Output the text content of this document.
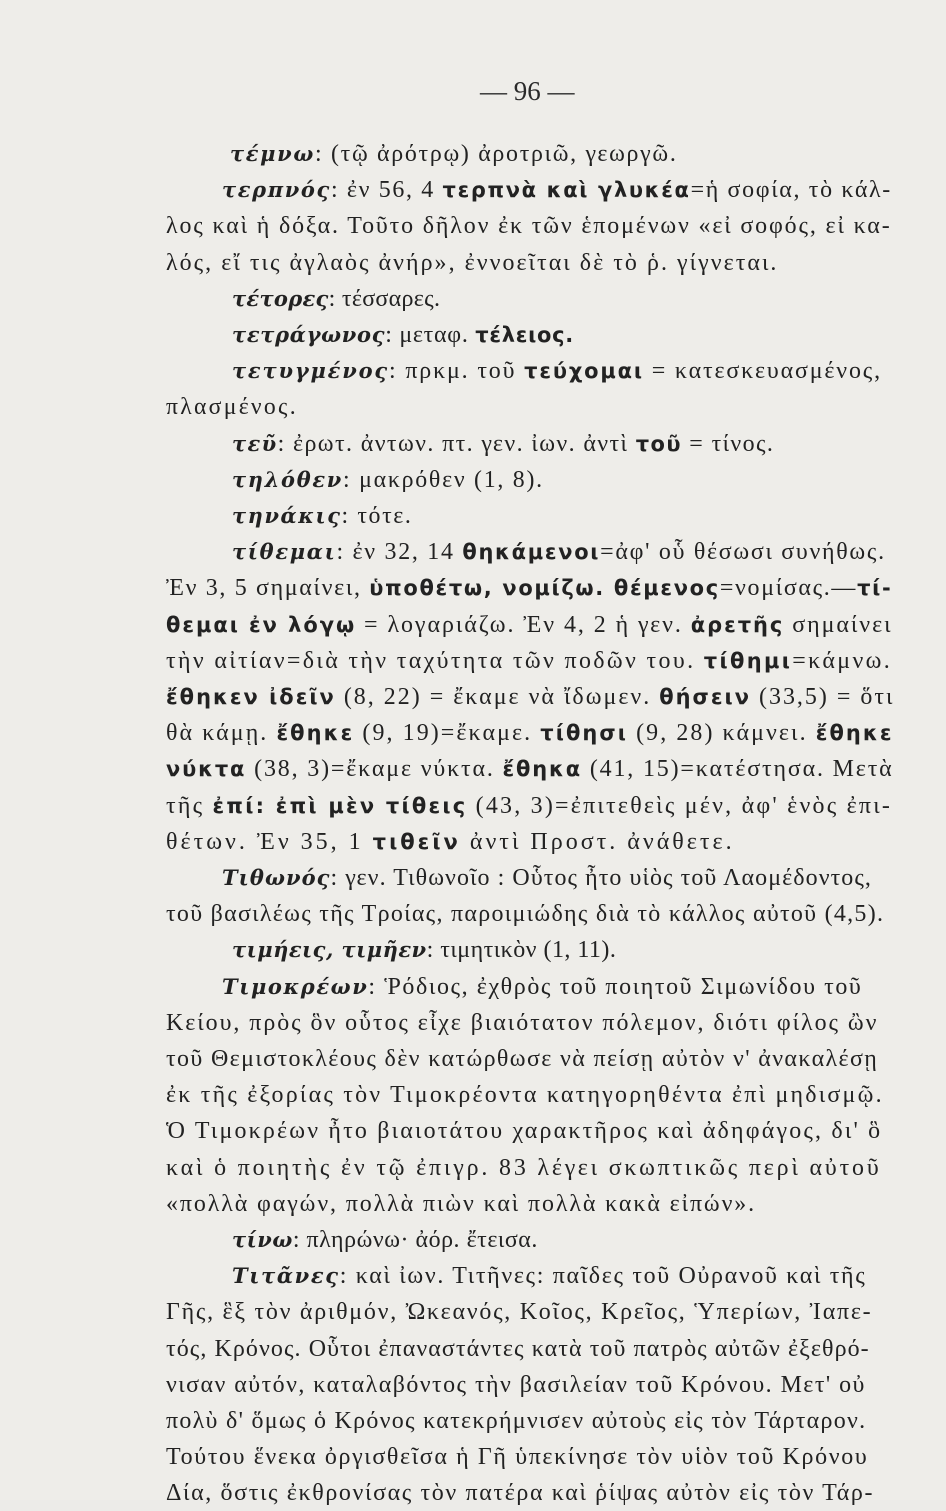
— 96 —
τέμνω: (τῷ ἀρότρῳ) ἀροτριῶ, γεωργῶ.
τερπνός: ἐν 56, 4 τερπνὰ καὶ γλυκέα=ἡ σοφία, τὸ κάλ-
λος καὶ ἡ δόξα. Τοῦτο δῆλον ἐκ τῶν ἑπομένων «εἰ σοφός, εἰ κα-
λός, εἴ τις ἀγλαὸς ἀνήρ», ἐννοεῖται δὲ τὸ ῥ. γίγνεται.
τέτορες: τέσσαρες.
τετράγωνος: μεταφ. τέλειος.
τετυγμένος: πρκμ. τοῦ τεύχομαι = κατεσκευασμένος,
πλασμένος.
τεῦ: ἐρωτ. ἀντων. πτ. γεν. ἰων. ἀντὶ τοῦ = τίνος.
τηλόθεν: μακρόθεν (1, 8).
τηνάκις: τότε.
τίθεμαι: ἐν 32, 14 θηκάμενοι=ἀφ' οὗ θέσωσι συνήθως.
Ἐν 3, 5 σημαίνει, ὑποθέτω, νομίζω. θέμενος=νομίσας.—τί-
θεμαι ἐν λόγῳ = λογαριάζω. Ἐν 4, 2 ἡ γεν. ἀρετῆς σημαίνει
τὴν αἰτίαν=διὰ τὴν ταχύτητα τῶν ποδῶν του. τίθημι=κάμνω.
ἔθηκεν ἰδεῖν (8, 22) = ἔκαμε νὰ ἴδωμεν. θήσειν (33,5) = ὅτι
θὰ κάμῃ. ἔθηκε (9, 19)=ἔκαμε. τίθησι (9, 28) κάμνει. ἔθηκε
νύκτα (38, 3)=ἔκαμε νύκτα. ἔθηκα (41, 15)=κατέστησα. Μετὰ
τῆς ἐπί: ἐπὶ μὲν τίθεις (43, 3)=ἐπιτεθεὶς μέν, ἀφ' ἑνὸς ἐπι-
θέτων. Ἐν 35, 1 τιθεῖν ἀντὶ Προστ. ἀνάθετε.
Τιθωνός: γεν. Τιθωνοῖο : Οὗτος ἦτο υἱὸς τοῦ Λαομέδοντος,
τοῦ βασιλέως τῆς Τροίας, παροιμιώδης διὰ τὸ κάλλος αὐτοῦ (4,5).
τιμήεις, τιμῆεν: τιμητικὸν (1, 11).
Τιμοκρέων: Ῥόδιος, ἐχθρὸς τοῦ ποιητοῦ Σιμωνίδου τοῦ
Κείου, πρὸς ὃν οὗτος εἶχε βιαιότατον πόλεμον, διότι φίλος ὢν
τοῦ Θεμιστοκλέους δὲν κατώρθωσε νὰ πείσῃ αὐτὸν ν' ἀνακαλέσῃ
ἐκ τῆς ἐξορίας τὸν Τιμοκρέοντα κατηγορηθέντα ἐπὶ μηδισμῷ.
Ὁ Τιμοκρέων ἦτο βιαιοτάτου χαρακτῆρος καὶ ἀδηφάγος, δι' ὃ
καὶ ὁ ποιητὴς ἐν τῷ ἐπιγρ. 83 λέγει σκωπτικῶς περὶ αὐτοῦ
«πολλὰ φαγών, πολλὰ πιὼν καὶ πολλὰ κακὰ εἰπών».
τίνω: πληρώνω· ἀόρ. ἔτεισα.
Τιτᾶνες: καὶ ἰων. Τιτῆνες: παῖδες τοῦ Οὐρανοῦ καὶ τῆς
Γῆς, ἓξ τὸν ἀριθμόν, Ὠκεανός, Κοῖος, Κρεῖος, Ὑπερίων, Ἰαπε-
τός, Κρόνος. Οὗτοι ἐπαναστάντες κατὰ τοῦ πατρὸς αὐτῶν ἐξεθρό-
νισαν αὐτόν, καταλαβόντος τὴν βασιλείαν τοῦ Κρόνου. Μετ' οὐ
πολὺ δ' ὅμως ὁ Κρόνος κατεκρήμνισεν αὐτοὺς εἰς τὸν Τάρταρον.
Τούτου ἕνεκα ὀργισθεῖσα ἡ Γῆ ὑπεκίνησε τὸν υἱὸν τοῦ Κρόνου
Δία, ὅστις ἐκθρονίσας τὸν πατέρα καὶ ῥίψας αὐτὸν εἰς τὸν Τάρ-
